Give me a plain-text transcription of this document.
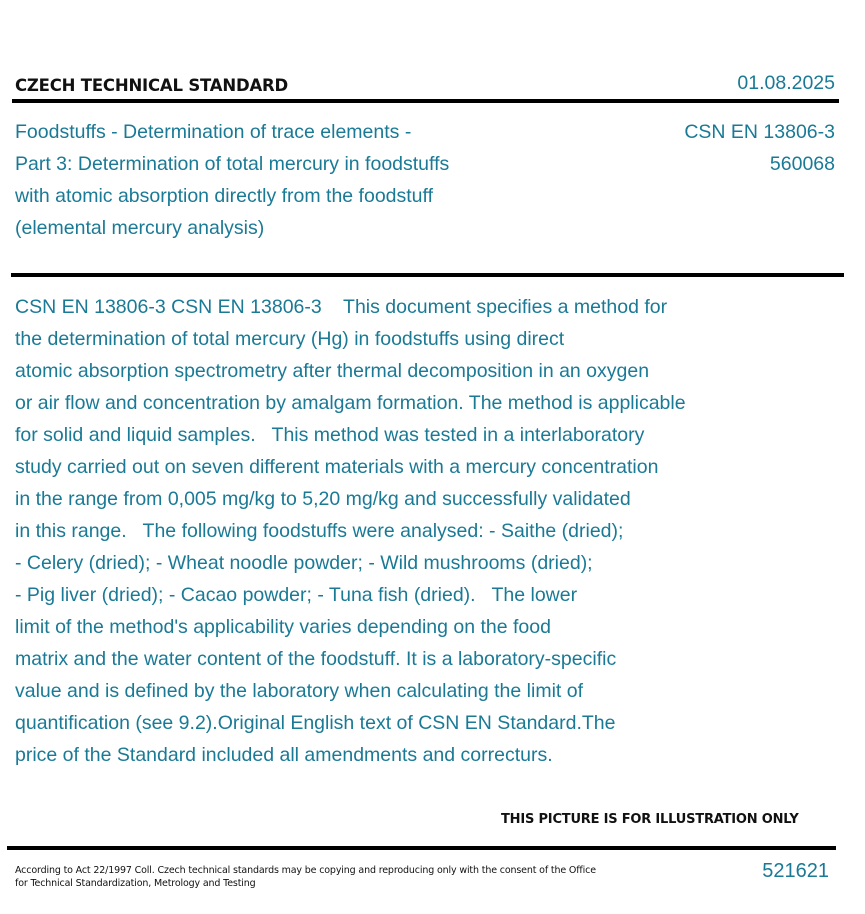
CZECH TECHNICAL STANDARD	01.08.2025
Foodstuffs - Determination of trace elements -
Part 3: Determination of total mercury in foodstuffs
with atomic absorption directly from the foodstuff
(elemental mercury analysis)
CSN EN 13806-3
560068
CSN EN 13806-3 CSN EN 13806-3    This document specifies a method for
the determination of total mercury (Hg) in foodstuffs using direct
atomic absorption spectrometry after thermal decomposition in an oxygen
or air flow and concentration by amalgam formation. The method is applicable
for solid and liquid samples.   This method was tested in a interlaboratory
study carried out on seven different materials with a mercury concentration
in the range from 0,005 mg/kg to 5,20 mg/kg and successfully validated
in this range.   The following foodstuffs were analysed: - Saithe (dried);
- Celery (dried); - Wheat noodle powder; - Wild mushrooms (dried);
- Pig liver (dried); - Cacao powder; - Tuna fish (dried).   The lower
limit of the method's applicability varies depending on the food
matrix and the water content of the foodstuff. It is a laboratory-specific
value and is defined by the laboratory when calculating the limit of
quantification (see 9.2).Original English text of CSN EN Standard.The
price of the Standard included all amendments and correcturs.
THIS PICTURE IS FOR ILLUSTRATION ONLY
According to Act 22/1997 Coll. Czech technical standards may be copying and reproducing only with the consent of the Office
for Technical Standardization, Metrology and Testing
521621
